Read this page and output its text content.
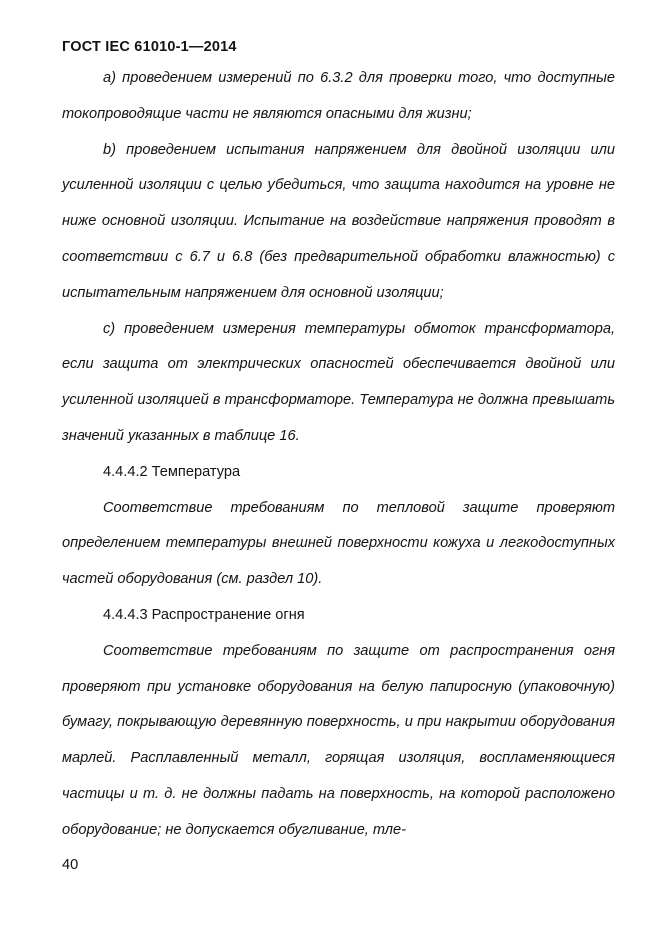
ГОСТ IEC 61010-1—2014

а) проведением измерений по 6.3.2 для проверки того, что доступные токопроводящие части не являются опасными для жизни;

b) проведением испытания напряжением для двойной изоляции или усиленной изоляции с целью убедиться, что защита находится на уровне не ниже основной изоляции. Испытание на воздействие напряжения проводят в соответствии с 6.7 и 6.8 (без предварительной обработки влажностью) с испытательным напряжением для основной изоляции;

с) проведением измерения температуры обмоток трансформатора, если защита от электрических опасностей обеспечивается двойной или усиленной изоляцией в трансформаторе. Температура не должна превышать значений указанных в таблице 16.

4.4.4.2 Температура

Соответствие требованиям по тепловой защите проверяют определением температуры внешней поверхности кожуха и легкодоступных частей оборудования (см. раздел 10).

4.4.4.3 Распространение огня

Соответствие требованиям по защите от распространения огня проверяют при установке оборудования на белую папиросную (упаковочную) бумагу, покрывающую деревянную поверхность, и при накрытии оборудования марлей. Расплавленный металл, горящая изоляция, воспламеняющиеся частицы и т. д. не должны падать на поверхность, на которой расположено оборудование; не допускается обугливание, тле-

40
